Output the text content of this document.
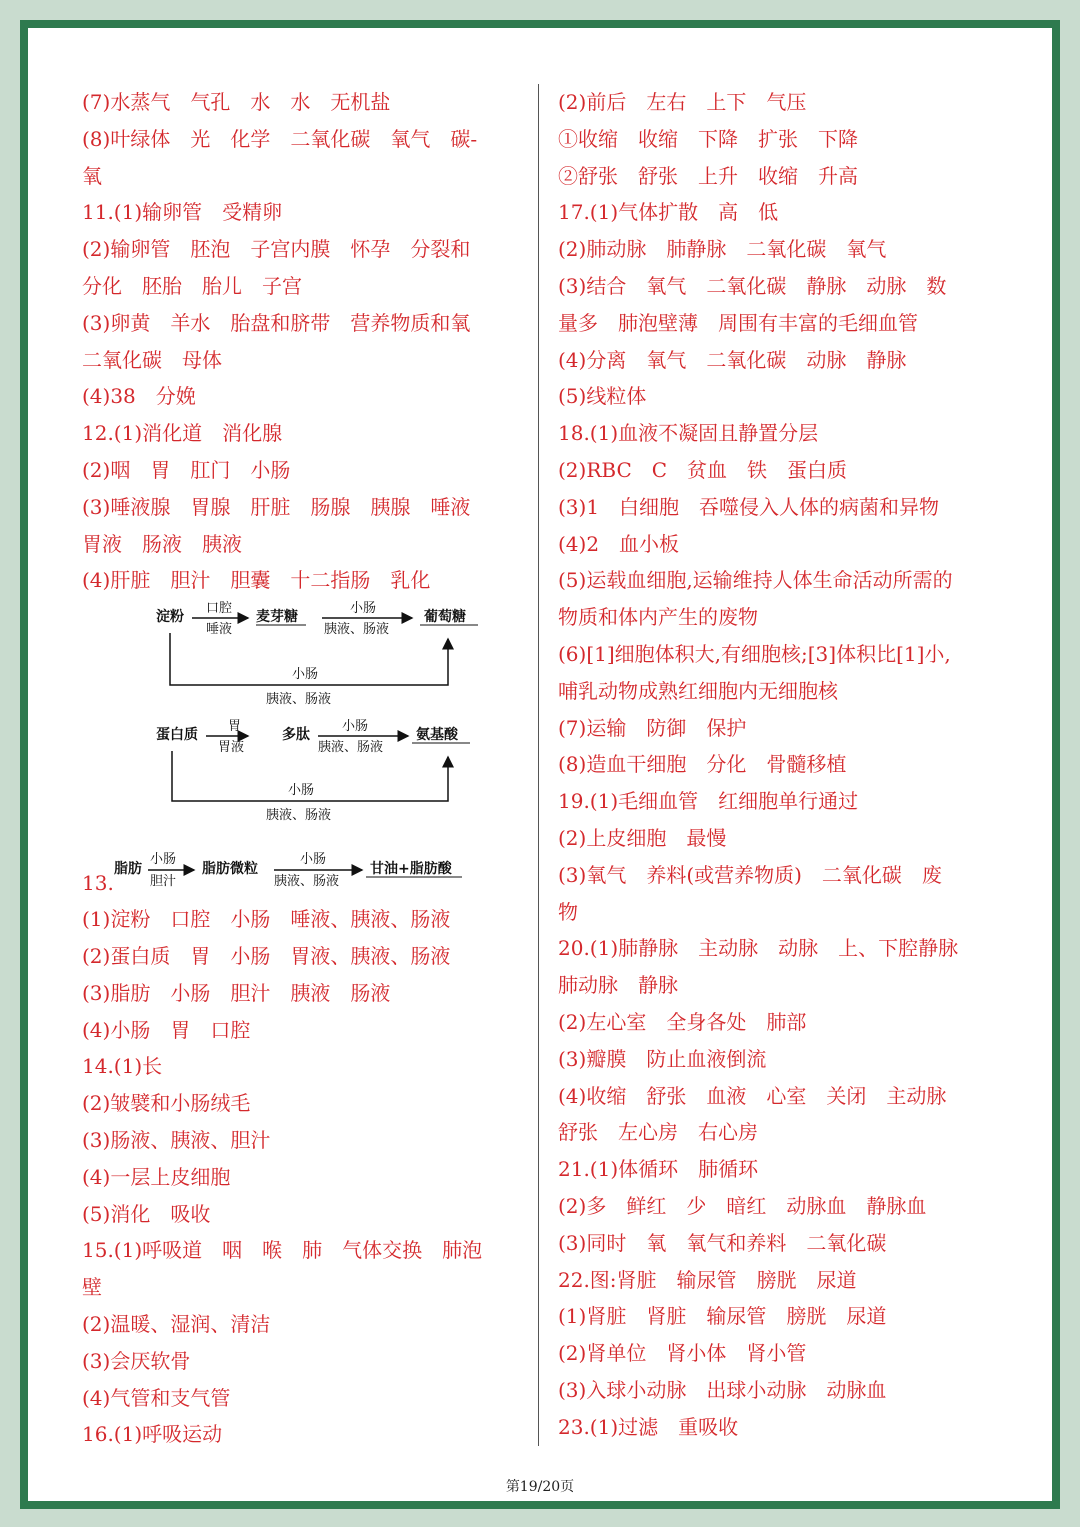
(7)水蒸气　气孔　水　水　无机盐
(8)叶绿体　光　化学　二氧化碳　氧气　碳-
氧
11.(1)输卵管　受精卵
(2)输卵管　胚泡　子宫内膜　怀孕　分裂和
分化　胚胎　胎儿　子宫
(3)卵黄　羊水　胎盘和脐带　营养物质和氧
二氧化碳　母体
(4)38　分娩
12.(1)消化道　消化腺
(2)咽　胃　肛门　小肠
(3)唾液腺　胃腺　肝脏　肠腺　胰腺　唾液
胃液　肠液　胰液
(4)肝脏　胆汁　胆囊　十二指肠　乳化
淀粉
口腔
唾液
麦芽糖
小肠
胰液、肠液
葡萄糖
小肠
胰液、肠液
蛋白质
胃
胃液
多肽
小肠
胰液、肠液
氨基酸
小肠
胰液、肠液
13.
脂肪
小肠
胆汁
脂肪微粒
小肠
胰液、肠液
甘油+脂肪酸
(1)淀粉　口腔　小肠　唾液、胰液、肠液
(2)蛋白质　胃　小肠　胃液、胰液、肠液
(3)脂肪　小肠　胆汁　胰液　肠液
(4)小肠　胃　口腔
14.(1)长
(2)皱襞和小肠绒毛
(3)肠液、胰液、胆汁
(4)一层上皮细胞
(5)消化　吸收
15.(1)呼吸道　咽　喉　肺　气体交换　肺泡
壁
(2)温暖、湿润、清洁
(3)会厌软骨
(4)气管和支气管
16.(1)呼吸运动
(2)前后　左右　上下　气压
①收缩　收缩　下降　扩张　下降
②舒张　舒张　上升　收缩　升高
17.(1)气体扩散　高　低
(2)肺动脉　肺静脉　二氧化碳　氧气
(3)结合　氧气　二氧化碳　静脉　动脉　数
量多　肺泡壁薄　周围有丰富的毛细血管
(4)分离　氧气　二氧化碳　动脉　静脉
(5)线粒体
18.(1)血液不凝固且静置分层
(2)RBC　C　贫血　铁　蛋白质
(3)1　白细胞　吞噬侵入人体的病菌和异物
(4)2　血小板
(5)运载血细胞,运输维持人体生命活动所需的
物质和体内产生的废物
(6)[1]细胞体积大,有细胞核;[3]体积比[1]小,
哺乳动物成熟红细胞内无细胞核
(7)运输　防御　保护
(8)造血干细胞　分化　骨髓移植
19.(1)毛细血管　红细胞单行通过
(2)上皮细胞　最慢
(3)氧气　养料(或营养物质)　二氧化碳　废
物
20.(1)肺静脉　主动脉　动脉　上、下腔静脉
肺动脉　静脉
(2)左心室　全身各处　肺部
(3)瓣膜　防止血液倒流
(4)收缩　舒张　血液　心室　关闭　主动脉
舒张　左心房　右心房
21.(1)体循环　肺循环
(2)多　鲜红　少　暗红　动脉血　静脉血
(3)同时　氧　氧气和养料　二氧化碳
22.图:肾脏　输尿管　膀胱　尿道
(1)肾脏　肾脏　输尿管　膀胱　尿道
(2)肾单位　肾小体　肾小管
(3)入球小动脉　出球小动脉　动脉血
23.(1)过滤　重吸收
第19/20页
